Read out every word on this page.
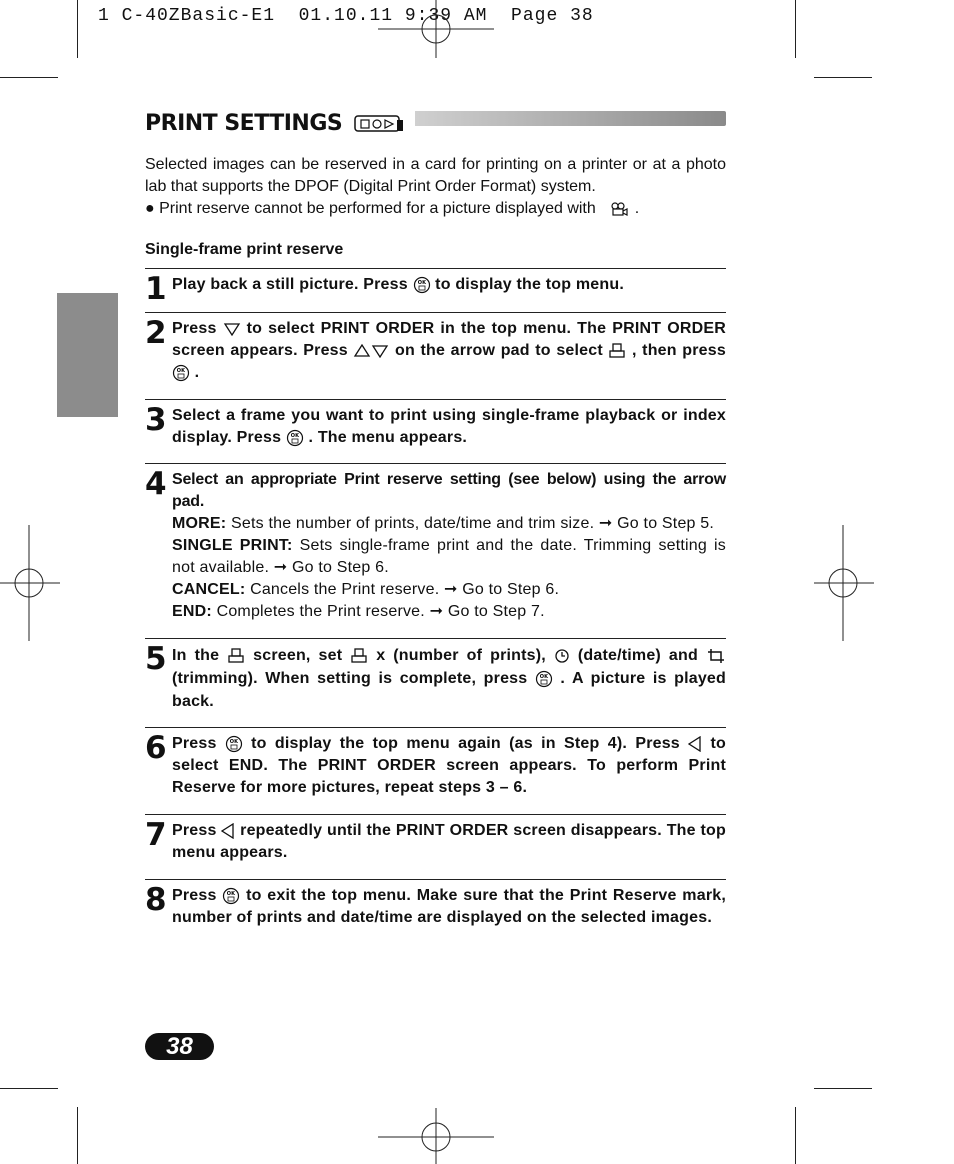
1 C-40ZBasic-E1  01.10.11 9:39 AM  Page 38
PRINT SETTINGS

Selected images can be reserved in a card for printing on a printer or at a photo lab that supports the DPOF (Digital Print Order Format) system.

● Print reserve cannot be performed for a picture displayed with .

Single-frame print reserve
1 Play back a still picture. Press OK to display the top menu.

2 Press to select PRINT ORDER in the top menu. The PRINT ORDER screen appears. Press	on the arrow pad to select , then press
OK .

3 Select a frame you want to print using single-frame playback or index display. Press OK . The menu appears.

4 Select an appropriate Print reserve setting (see below) using the arrow pad.

MORE: Sets the number of prints, date/time and trim size. ➞ Go to Step 5.

SINGLE PRINT: Sets single-frame print and the date. Trimming setting is not available. ➞ Go to Step 6.

CANCEL: Cancels the Print reserve. ➞ Go to Step 6.

END: Completes the Print reserve. ➞ Go to Step 7.

5 In the screen, set x (number of prints), (date/time) and  (trimming). When setting is complete, press OK . A picture is played back.

6 Press	OK to display the top menu again (as in Step 4). Press to select END. The PRINT ORDER screen appears. To perform Print Reserve for more pictures, repeat steps 3 – 6.

7 Press repeatedly until the PRINT ORDER screen disappears. The top menu appears.

8 Press OK to exit the top menu. Make sure that the Print Reserve mark, number of prints and date/time are displayed on the selected images.

38
